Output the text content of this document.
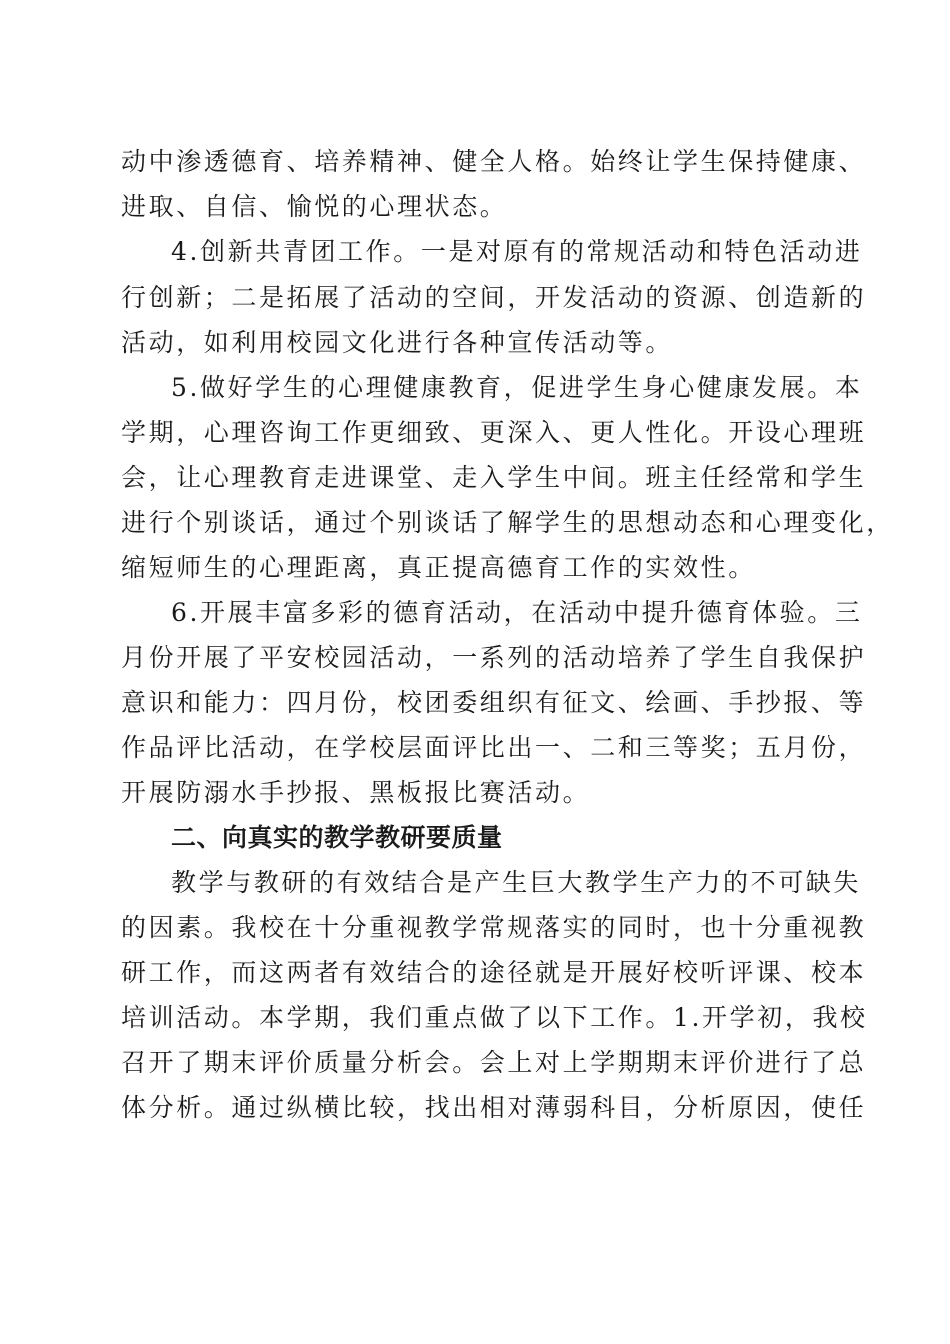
动中渗透德育、培养精神、健全人格。始终让学生保持健康、
进取、自信、愉悦的心理状态。
4.创新共青团工作。一是对原有的常规活动和特色活动进
行创新；二是拓展了活动的空间，开发活动的资源、创造新的
活动，如利用校园文化进行各种宣传活动等。
5.做好学生的心理健康教育，促进学生身心健康发展。本
学期，心理咨询工作更细致、更深入、更人性化。开设心理班
会，让心理教育走进课堂、走入学生中间。班主任经常和学生
进行个别谈话，通过个别谈话了解学生的思想动态和心理变化，
缩短师生的心理距离，真正提高德育工作的实效性。
6.开展丰富多彩的德育活动，在活动中提升德育体验。三
月份开展了平安校园活动，一系列的活动培养了学生自我保护
意识和能力：四月份，校团委组织有征文、绘画、手抄报、等
作品评比活动，在学校层面评比出一、二和三等奖；五月份，
开展防溺水手抄报、黑板报比赛活动。
二、向真实的教学教研要质量
教学与教研的有效结合是产生巨大教学生产力的不可缺失
的因素。我校在十分重视教学常规落实的同时，也十分重视教
研工作，而这两者有效结合的途径就是开展好校听评课、校本
培训活动。本学期，我们重点做了以下工作。1.开学初，我校
召开了期末评价质量分析会。会上对上学期期末评价进行了总
体分析。通过纵横比较，找出相对薄弱科目，分析原因，使任
